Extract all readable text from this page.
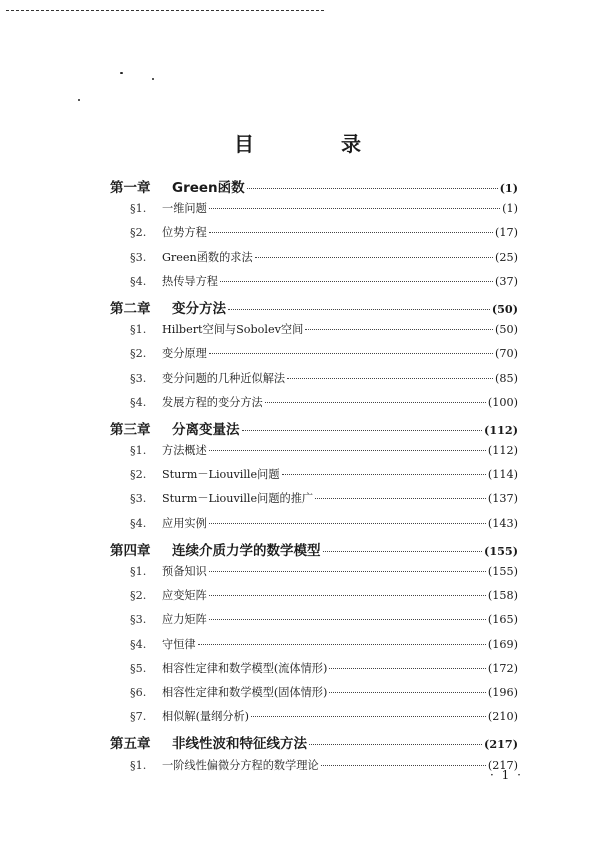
目 录
第一章	Green函数	(1)
§1.	一维问题	(1)
§2.	位势方程	(17)
§3.	Green函数的求法	(25)
§4.	热传导方程	(37)
第二章	变分方法	(50)
§1.	Hilbert空间与Sobolev空间	(50)
§2.	变分原理	(70)
§3.	变分问题的几种近似解法	(85)
§4.	发展方程的变分方法	(100)
第三章	分离变量法	(112)
§1.	方法概述	(112)
§2.	Sturm－Liouville问题	(114)
§3.	Sturm－Liouville问题的推广	(137)
§4.	应用实例	(143)
第四章	连续介质力学的数学模型	(155)
§1.	预备知识	(155)
§2.	应变矩阵	(158)
§3.	应力矩阵	(165)
§4.	守恒律	(169)
§5.	相容性定律和数学模型(流体情形)	(172)
§6.	相容性定律和数学模型(固体情形)	(196)
§7.	相似解(量纲分析)	(210)
第五章	非线性波和特征线方法	(217)
§1.	一阶线性偏微分方程的数学理论	(217)
· 1 ·
